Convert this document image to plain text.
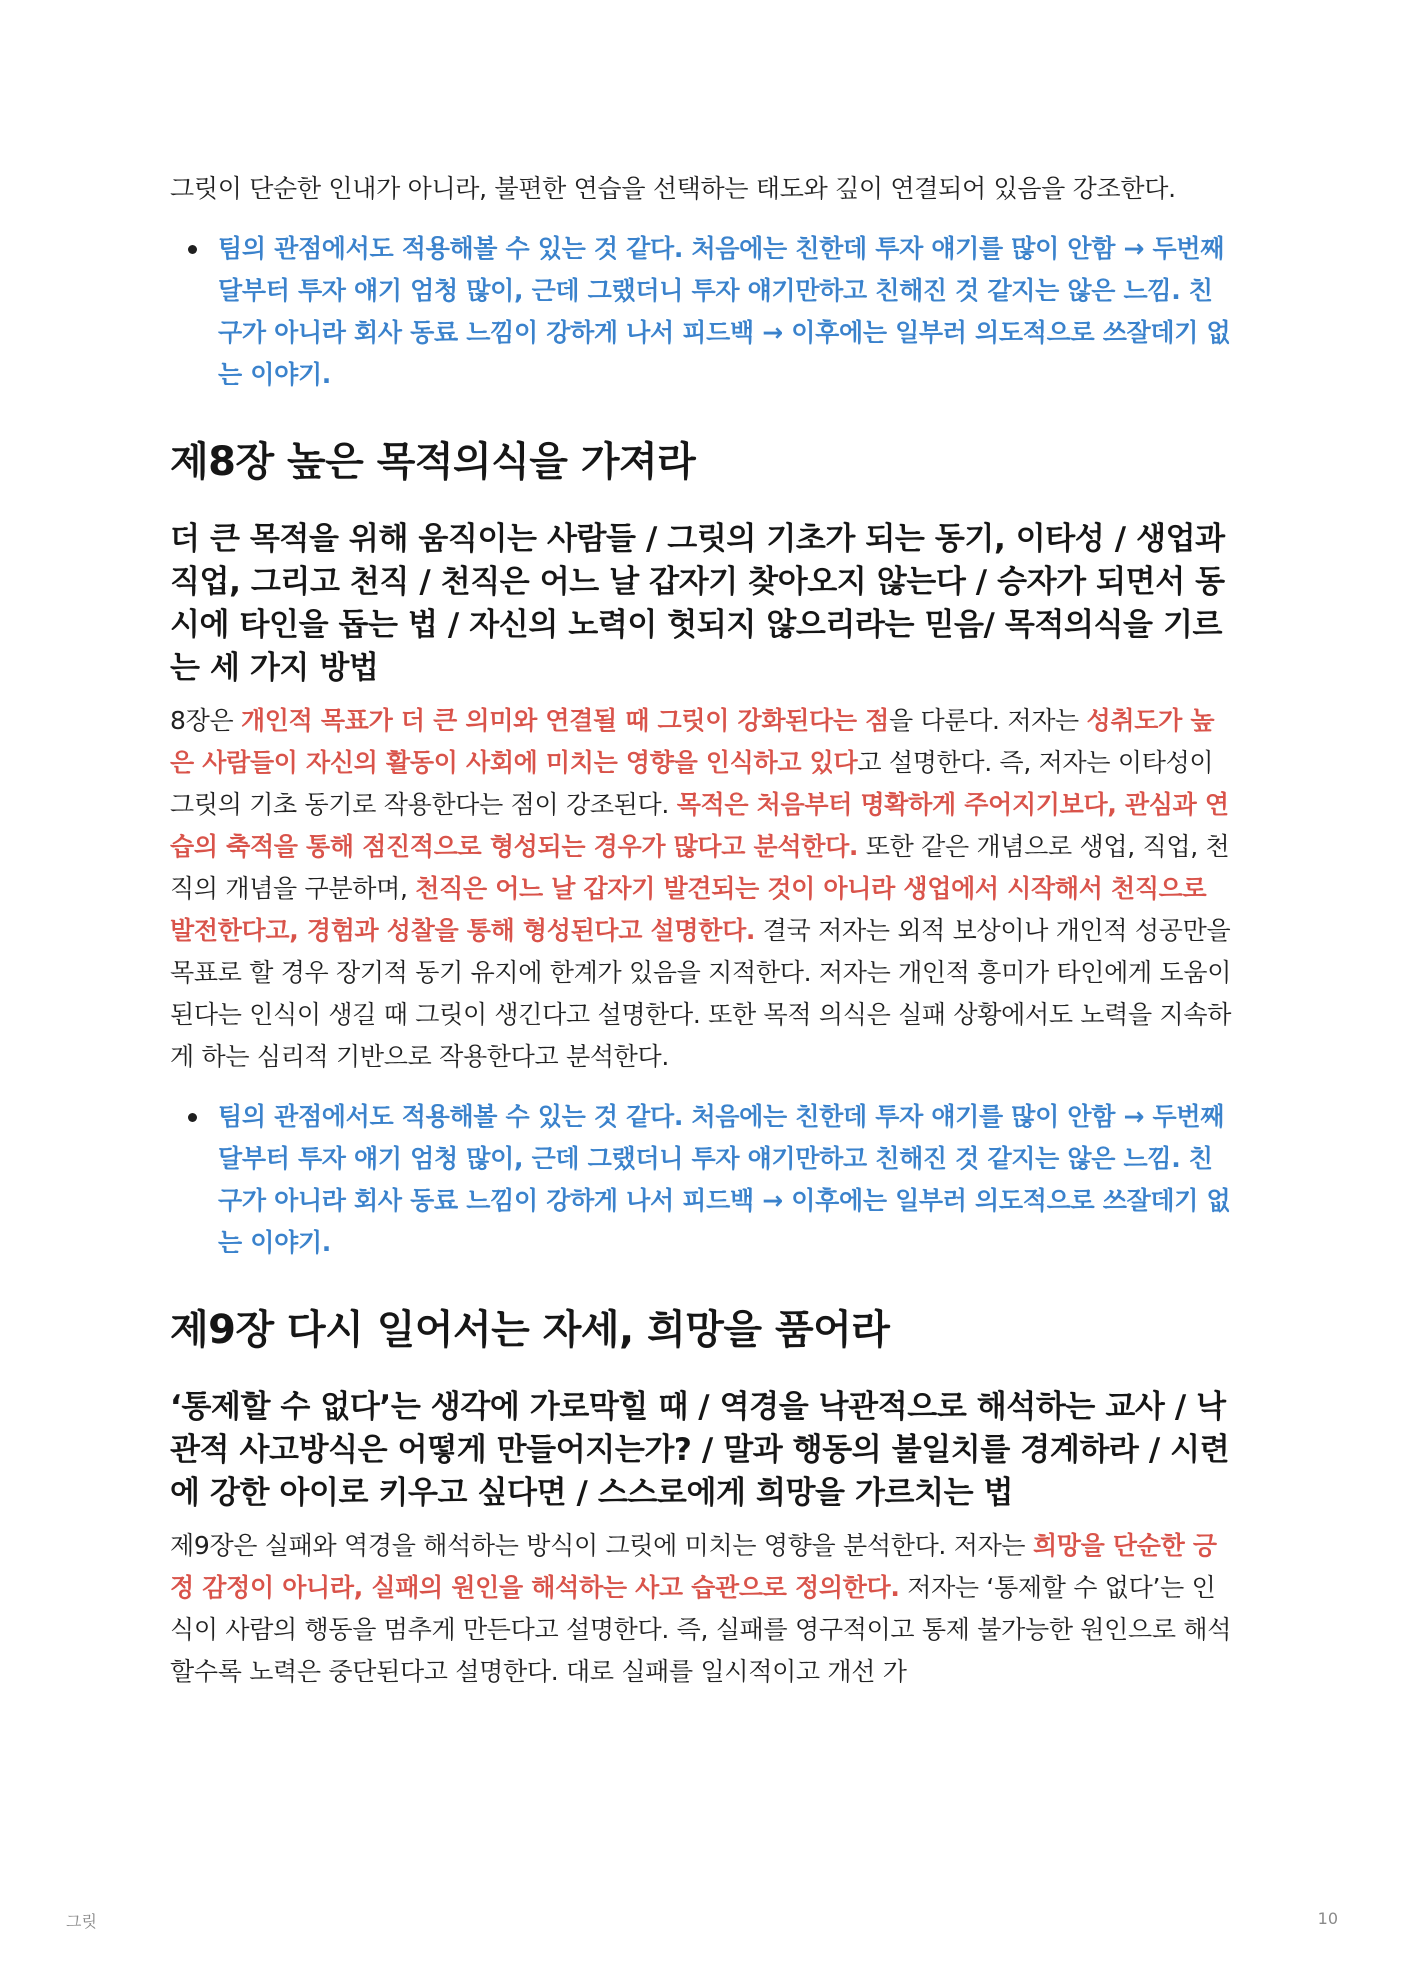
그릿이 단순한 인내가 아니라, 불편한 연습을 선택하는 태도와 깊이 연결되어 있음을 강조한다.

팀의 관점에서도 적용해볼 수 있는 것 같다. 처음에는 친한데 투자 얘기를 많이 안함 → 두번째달부터 투자 얘기 엄청 많이, 근데 그랬더니 투자 얘기만하고 친해진 것 같지는 않은 느낌. 친구가 아니라 회사 동료 느낌이 강하게 나서 피드백 → 이후에는 일부러 의도적으로 쓰잘데기 없는 이야기.
제8장 높은 목적의식을 가져라
더 큰 목적을 위해 움직이는 사람들 / 그릿의 기초가 되는 동기, 이타성 / 생업과 직업, 그리고 천직 / 천직은 어느 날 갑자기 찾아오지 않는다 / 승자가 되면서 동시에 타인을 돕는 법 / 자신의 노력이 헛되지 않으리라는 믿음/ 목적의식을 기르는 세 가지 방법

8장은 개인적 목표가 더 큰 의미와 연결될 때 그릿이 강화된다는 점을 다룬다. 저자는 성취도가 높은 사람들이 자신의 활동이 사회에 미치는 영향을 인식하고 있다고 설명한다. 즉, 저자는 이타성이 그릿의 기초 동기로 작용한다는 점이 강조된다. 목적은 처음부터 명확하게 주어지기보다, 관심과 연습의 축적을 통해 점진적으로 형성되는 경우가 많다고 분석한다. 또한 같은 개념으로 생업, 직업, 천직의 개념을 구분하며, 천직은 어느 날 갑자기 발견되는 것이 아니라 생업에서 시작해서 천직으로 발전한다고, 경험과 성찰을 통해 형성된다고 설명한다. 결국 저자는 외적 보상이나 개인적 성공만을 목표로 할 경우 장기적 동기 유지에 한계가 있음을 지적한다. 저자는 개인적 흥미가 타인에게 도움이 된다는 인식이 생길 때 그릿이 생긴다고 설명한다. 또한 목적 의식은 실패 상황에서도 노력을 지속하게 하는 심리적 기반으로 작용한다고 분석한다.

팀의 관점에서도 적용해볼 수 있는 것 같다. 처음에는 친한데 투자 얘기를 많이 안함 → 두번째달부터 투자 얘기 엄청 많이, 근데 그랬더니 투자 얘기만하고 친해진 것 같지는 않은 느낌. 친구가 아니라 회사 동료 느낌이 강하게 나서 피드백 → 이후에는 일부러 의도적으로 쓰잘데기 없는 이야기.
제9장 다시 일어서는 자세, 희망을 품어라
‘통제할 수 없다’는 생각에 가로막힐 때 / 역경을 낙관적으로 해석하는 교사 / 낙관적 사고방식은 어떻게 만들어지는가? / 말과 행동의 불일치를 경계하라 / 시련에 강한 아이로 키우고 싶다면 / 스스로에게 희망을 가르치는 법

제9장은 실패와 역경을 해석하는 방식이 그릿에 미치는 영향을 분석한다. 저자는 희망을 단순한 긍정 감정이 아니라, 실패의 원인을 해석하는 사고 습관으로 정의한다. 저자는 ‘통제할 수 없다’는 인식이 사람의 행동을 멈추게 만든다고 설명한다. 즉, 실패를 영구적이고 통제 불가능한 원인으로 해석할수록 노력은 중단된다고 설명한다. 대로 실패를 일시적이고 개선 가

그릿	10
